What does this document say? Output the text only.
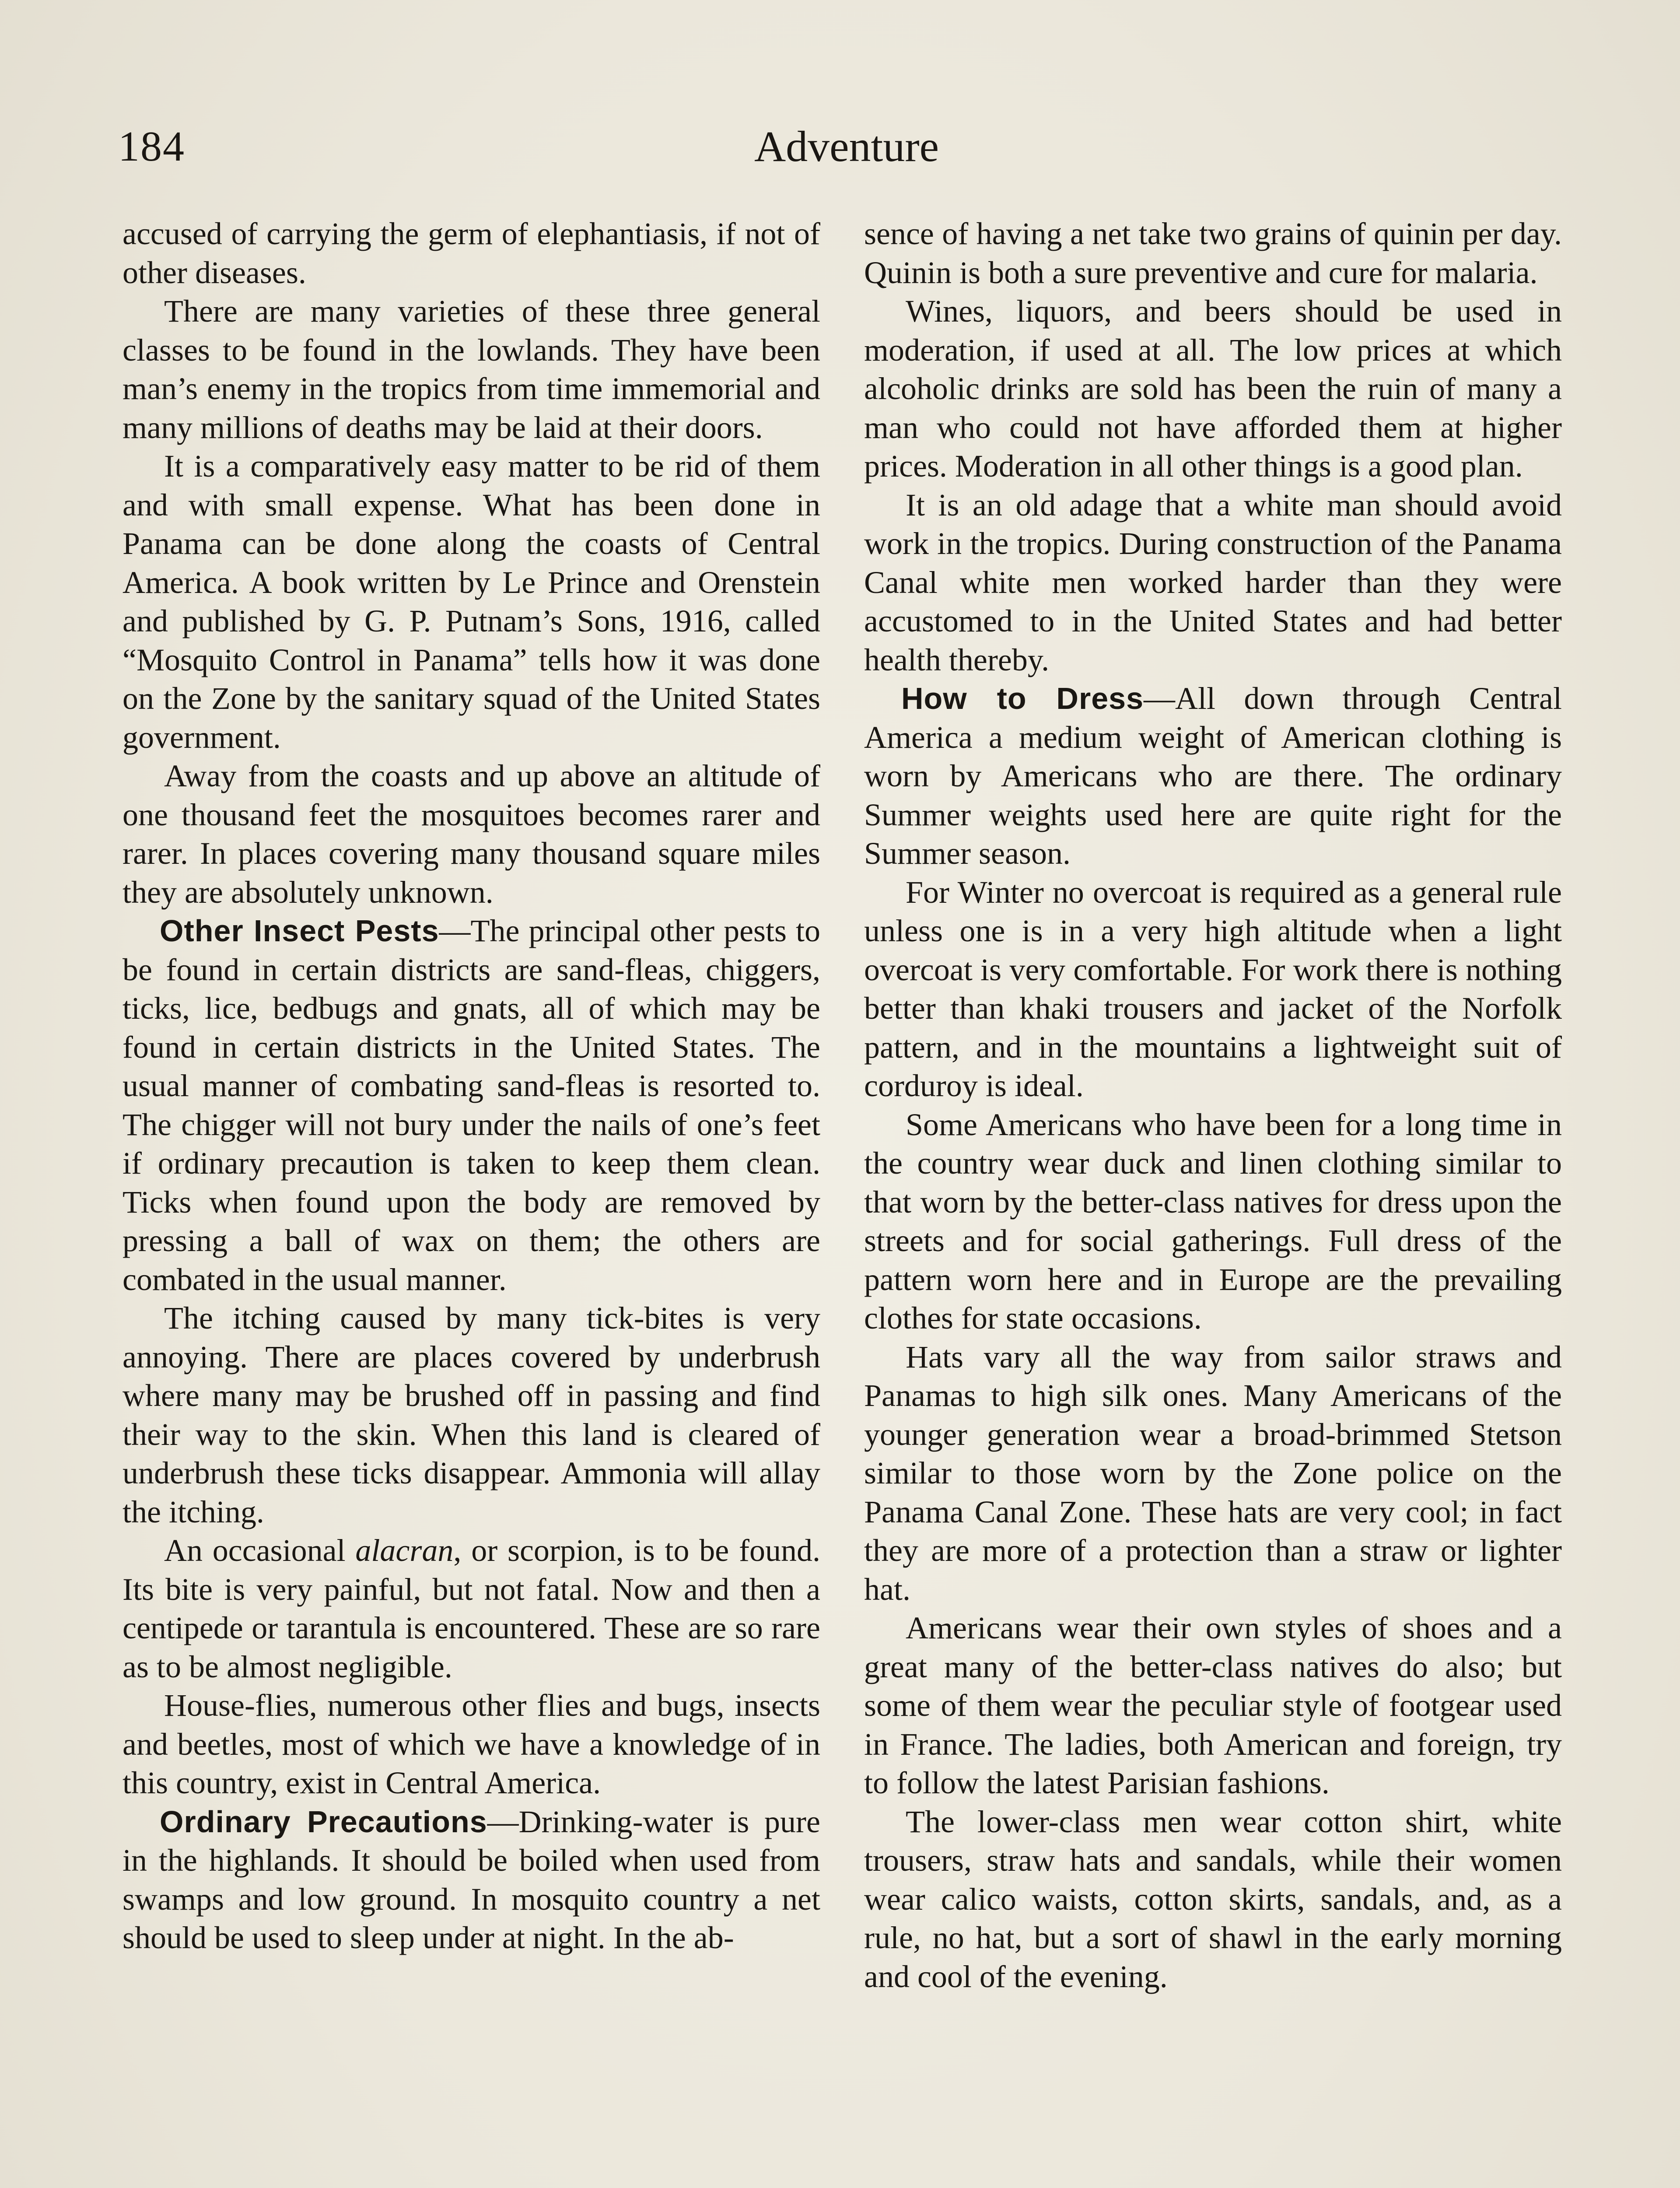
184	Adventure

accused of carrying the germ of elephantiasis, if not of other diseases.

There are many varieties of these three general classes to be found in the lowlands. They have been man’s enemy in the tropics from time immemorial and many millions of deaths may be laid at their doors.

It is a comparatively easy matter to be rid of them and with small expense. What has been done in Panama can be done along the coasts of Central America. A book written by Le Prince and Orenstein and published by G. P. Putnam’s Sons, 1916, called “Mosquito Control in Panama” tells how it was done on the Zone by the sanitary squad of the United States government.

Away from the coasts and up above an altitude of one thousand feet the mosquitoes becomes rarer and rarer. In places covering many thousand square miles they are absolutely unknown.

Other Insect Pests—The principal other pests to be found in certain districts are sand-fleas, chiggers, ticks, lice, bedbugs and gnats, all of which may be found in certain districts in the United States. The usual manner of combating sand-fleas is resorted to. The chigger will not bury under the nails of one’s feet if ordinary precaution is taken to keep them clean. Ticks when found upon the body are removed by pressing a ball of wax on them; the others are combated in the usual manner.

The itching caused by many tick-bites is very annoying. There are places covered by underbrush where many may be brushed off in passing and find their way to the skin. When this land is cleared of underbrush these ticks disappear. Ammonia will allay the itching.

An occasional alacran, or scorpion, is to be found. Its bite is very painful, but not fatal. Now and then a centipede or tarantula is encountered. These are so rare as to be almost negligible.

House-flies, numerous other flies and bugs, insects and beetles, most of which we have a knowledge of in this country, exist in Central America.

Ordinary Precautions—Drinking-water is pure in the highlands. It should be boiled when used from swamps and low ground. In mosquito country a net should be used to sleep under at night. In the ab-

sence of having a net take two grains of quinin per day. Quinin is both a sure preventive and cure for malaria.

Wines, liquors, and beers should be used in moderation, if used at all. The low prices at which alcoholic drinks are sold has been the ruin of many a man who could not have afforded them at higher prices. Moderation in all other things is a good plan.

It is an old adage that a white man should avoid work in the tropics. During construction of the Panama Canal white men worked harder than they were accustomed to in the United States and had better health thereby.

How to Dress—All down through Central America a medium weight of American clothing is worn by Americans who are there. The ordinary Summer weights used here are quite right for the Summer season.

For Winter no overcoat is required as a general rule unless one is in a very high altitude when a light overcoat is very comfortable. For work there is nothing better than khaki trousers and jacket of the Norfolk pattern, and in the mountains a lightweight suit of corduroy is ideal.

Some Americans who have been for a long time in the country wear duck and linen clothing similar to that worn by the better-class natives for dress upon the streets and for social gatherings. Full dress of the pattern worn here and in Europe are the prevailing clothes for state occasions.

Hats vary all the way from sailor straws and Panamas to high silk ones. Many Americans of the younger generation wear a broad-brimmed Stetson similar to those worn by the Zone police on the Panama Canal Zone. These hats are very cool; in fact they are more of a protection than a straw or lighter hat.

Americans wear their own styles of shoes and a great many of the better-class natives do also; but some of them wear the peculiar style of footgear used in France. The ladies, both American and foreign, try to follow the latest Parisian fashions.

The lower-class men wear cotton shirt, white trousers, straw hats and sandals, while their women wear calico waists, cotton skirts, sandals, and, as a rule, no hat, but a sort of shawl in the early morning and cool of the evening.
